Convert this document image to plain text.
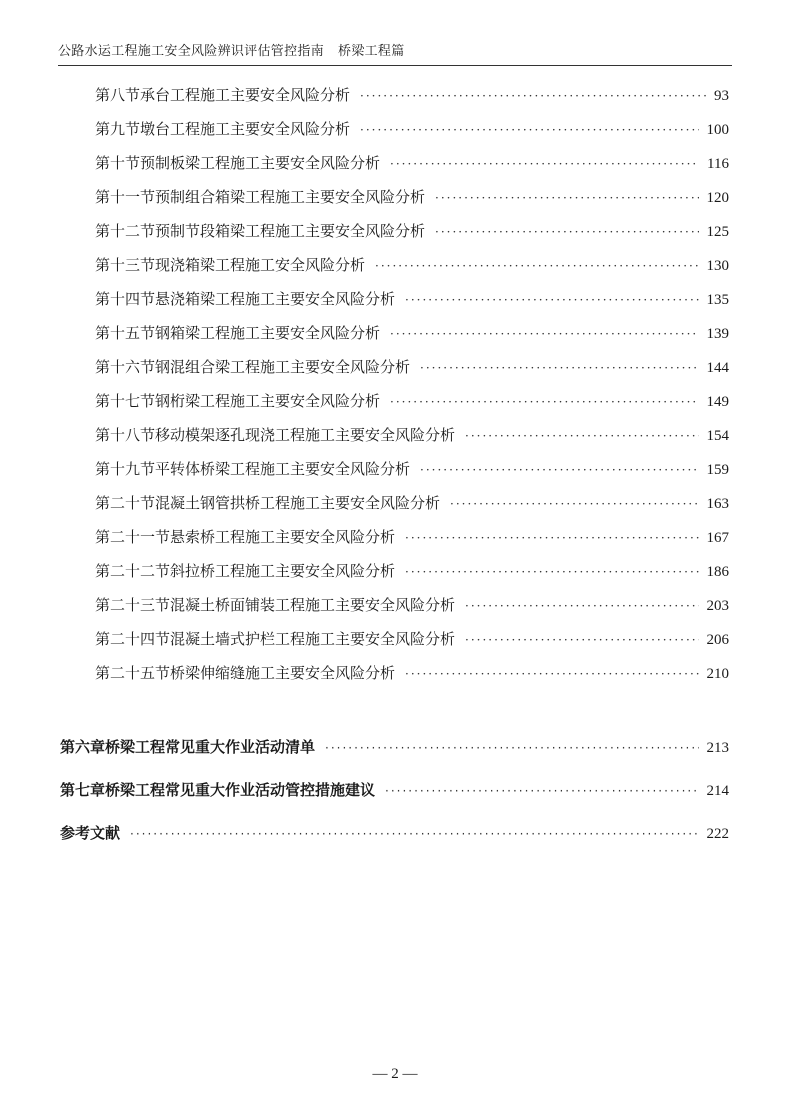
公路水运工程施工安全风险辨识评估管控指南 桥梁工程篇
第八节 承台工程施工主要安全风险分析 ·····	93
第九节 墩台工程施工主要安全风险分析 ·····	100
第十节 预制板梁工程施工主要安全风险分析 ·····	116
第十一节 预制组合箱梁工程施工主要安全风险分析 ·····	120
第十二节 预制节段箱梁工程施工主要安全风险分析 ·····	125
第十三节 现浇箱梁工程施工安全风险分析 ·····	130
第十四节 悬浇箱梁工程施工主要安全风险分析 ·····	135
第十五节 钢箱梁工程施工主要安全风险分析 ·····	139
第十六节 钢混组合梁工程施工主要安全风险分析 ·····	144
第十七节 钢桁梁工程施工主要安全风险分析 ·····	149
第十八节 移动模架逐孔现浇工程施工主要安全风险分析 ·····	154
第十九节 平转体桥梁工程施工主要安全风险分析 ·····	159
第二十节 混凝土钢管拱桥工程施工主要安全风险分析 ·····	163
第二十一节 悬索桥工程施工主要安全风险分析 ·····	167
第二十二节 斜拉桥工程施工主要安全风险分析 ·····	186
第二十三节 混凝土桥面铺装工程施工主要安全风险分析 ·····	203
第二十四节 混凝土墙式护栏工程施工主要安全风险分析 ·····	206
第二十五节 桥梁伸缩缝施工主要安全风险分析 ·····	210
第六章 桥梁工程常见重大作业活动清单 ·····	213
第七章 桥梁工程常见重大作业活动管控措施建议 ·····	214
参考文献 ·····	222
— 2 —
